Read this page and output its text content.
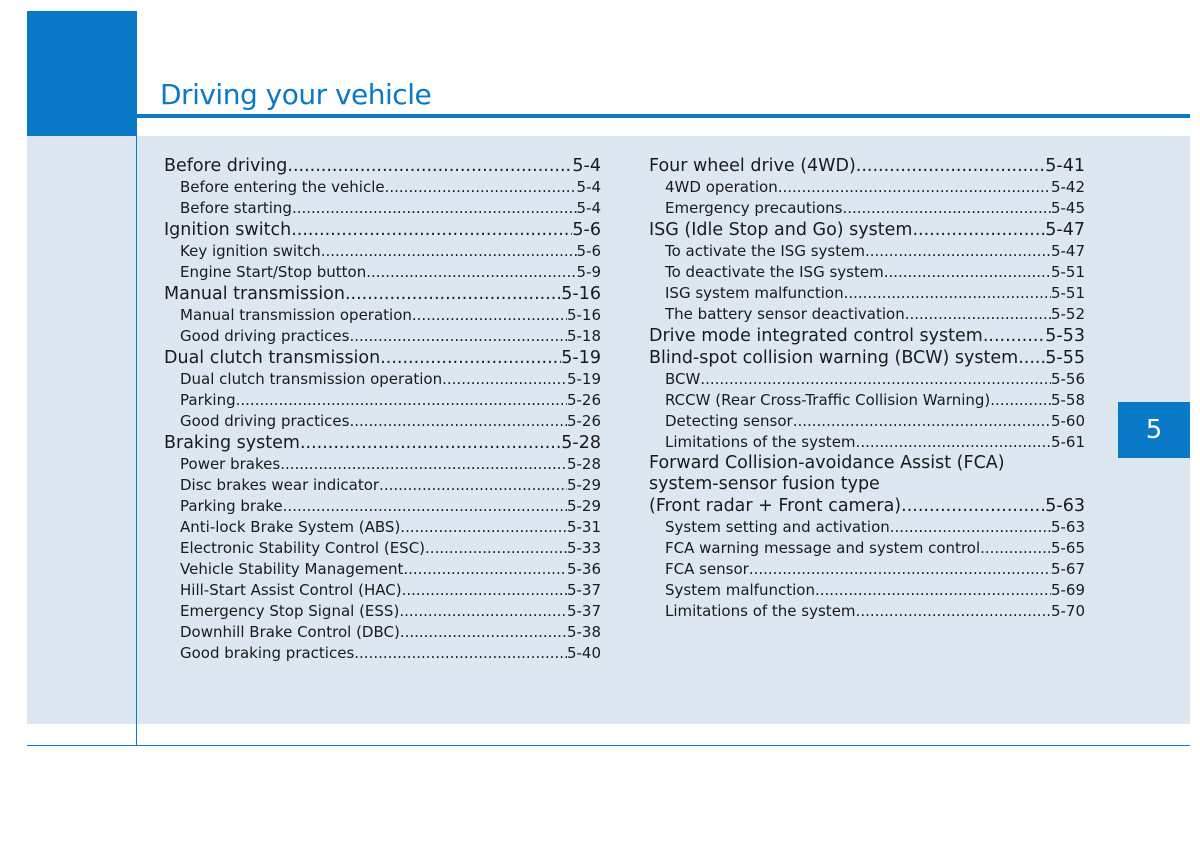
Driving your vehicle
5
Before driving .....	5-4
Before entering the vehicle .....	5-4
Before starting .....	5-4
Ignition switch .....	5-6
Key ignition switch .....	5-6
Engine Start/Stop button .....	5-9
Manual transmission .....	5-16
Manual transmission operation .....	5-16
Good driving practices .....	5-18
Dual clutch transmission .....	5-19
Dual clutch transmission operation .....	5-19
Parking .....	5-26
Good driving practices .....	5-26
Braking system .....	5-28
Power brakes .....	5-28
Disc brakes wear indicator .....	5-29
Parking brake .....	5-29
Anti-lock Brake System (ABS) .....	5-31
Electronic Stability Control (ESC) .....	5-33
Vehicle Stability Management .....	5-36
Hill-Start Assist Control (HAC) .....	5-37
Emergency Stop Signal (ESS) .....	5-37
Downhill Brake Control (DBC) .....	5-38
Good braking practices .....	5-40
Four wheel drive (4WD) .....	5-41
4WD operation .....	5-42
Emergency precautions .....	5-45
ISG (Idle Stop and Go) system .....	5-47
To activate the ISG system .....	5-47
To deactivate the ISG system .....	5-51
ISG system malfunction .....	5-51
The battery sensor deactivation .....	5-52
Drive mode integrated control system .....	5-53
Blind-spot collision warning (BCW) system ..... 5-55
BCW .....	5-56
RCCW (Rear Cross-Traffic Collision Warning) .....	5-58
Detecting sensor .....	5-60
Limitations of the system .....	5-61
Forward Collision-avoidance Assist (FCA)
system-sensor fusion type
(Front radar + Front camera) .....	5-63
System setting and activation .....	5-63
FCA warning message and system control .....	5-65
FCA sensor .....	5-67
System malfunction .....	5-69
Limitations of the system .....	5-70
